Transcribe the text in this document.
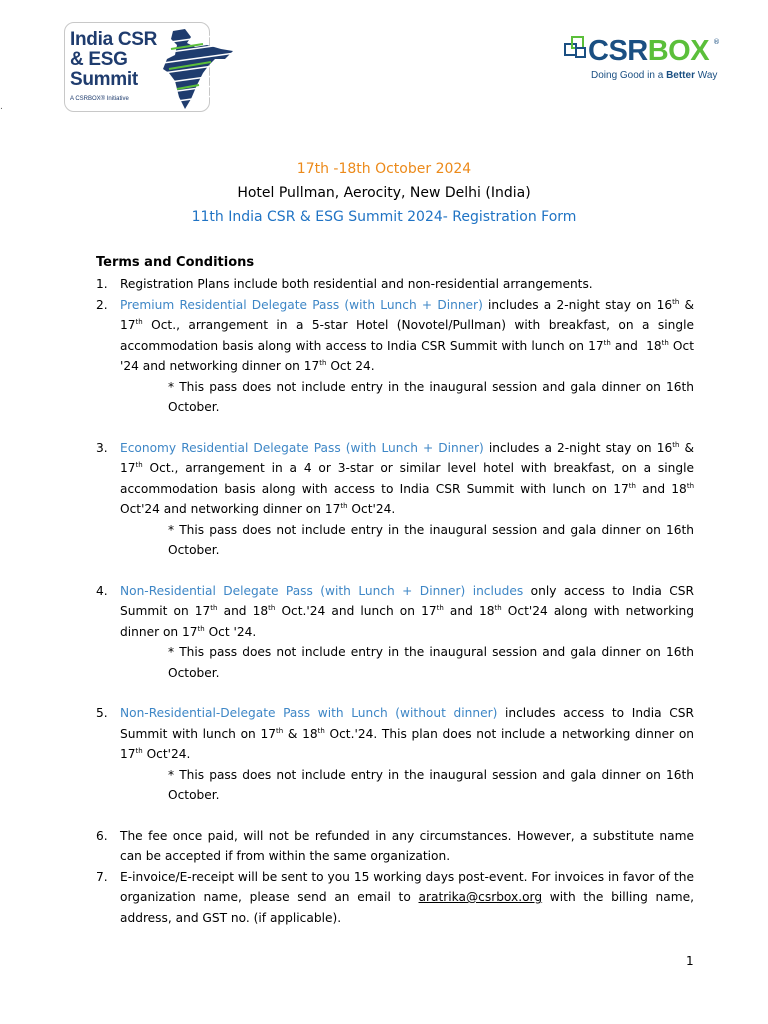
.
India CSR
& ESG
Summit
A CSRBOX® Initiative
CSRBOX ®
Doing Good in a Better Way
17th -18th October 2024
Hotel Pullman, Aerocity, New Delhi (India)
11th India CSR & ESG Summit 2024- Registration Form
Terms and Conditions
1. Registration Plans include both residential and non-residential arrangements.
2. Premium Residential Delegate Pass (with Lunch + Dinner) includes a 2-night stay on 16th & 17th Oct., arrangement in a 5-star Hotel (Novotel/Pullman) with breakfast, on a single accommodation basis along with access to India CSR Summit with lunch on 17th and  18th Oct '24 and networking dinner on 17th Oct 24.
* This pass does not include entry in the inaugural session and gala dinner on 16th October.
3. Economy Residential Delegate Pass (with Lunch + Dinner) includes a 2-night stay on 16th & 17th Oct., arrangement in a 4 or 3-star or similar level hotel with breakfast, on a single accommodation basis along with access to India CSR Summit with lunch on 17th and 18th Oct'24 and networking dinner on 17th Oct'24.
* This pass does not include entry in the inaugural session and gala dinner on 16th October.
4. Non-Residential Delegate Pass (with Lunch + Dinner) includes only access to India CSR Summit on 17th and 18th Oct.'24 and lunch on 17th and 18th Oct'24 along with networking dinner on 17th Oct '24.
* This pass does not include entry in the inaugural session and gala dinner on 16th October.
5. Non-Residential-Delegate Pass with Lunch (without dinner) includes access to India CSR Summit with lunch on 17th & 18th Oct.'24. This plan does not include a networking dinner on 17th Oct'24.
* This pass does not include entry in the inaugural session and gala dinner on 16th October.
6. The fee once paid, will not be refunded in any circumstances. However, a substitute name can be accepted if from within the same organization.
7. E-invoice/E-receipt will be sent to you 15 working days post-event. For invoices in favor of the organization name, please send an email to aratrika@csrbox.org with the billing name, address, and GST no. (if applicable).
1
